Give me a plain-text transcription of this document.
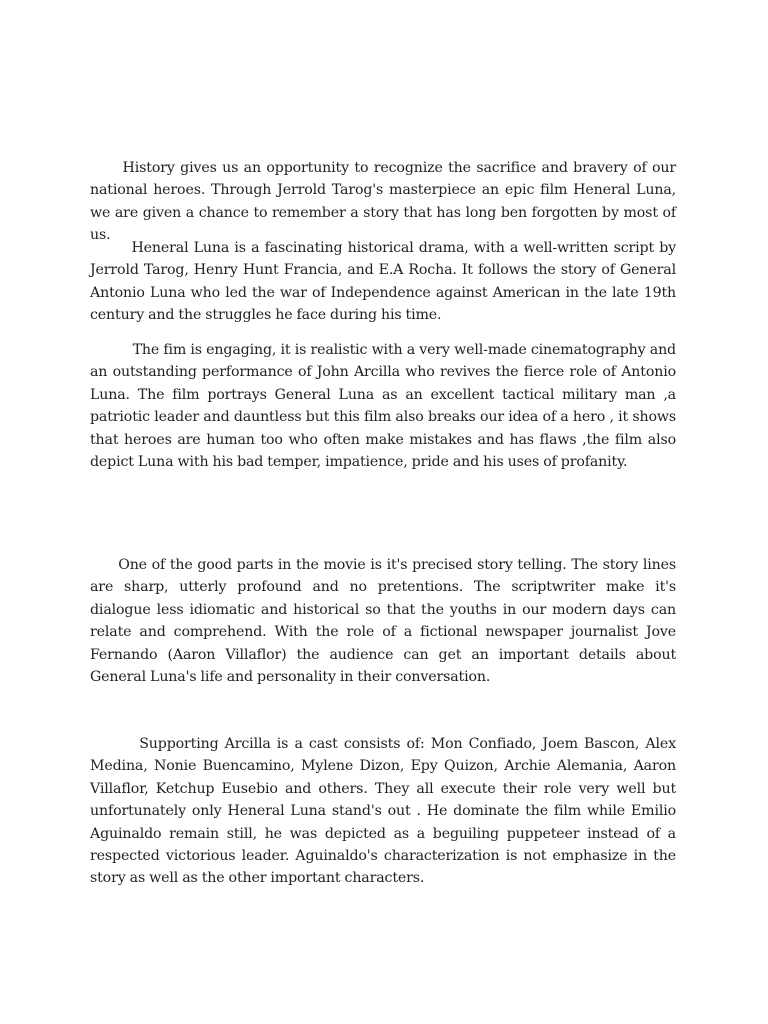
History gives us an opportunity to recognize the sacrifice and bravery of our national heroes. Through Jerrold Tarog's masterpiece an epic film Heneral Luna, we are given a chance to remember a story that has long ben forgotten by most of us.

Heneral Luna is a fascinating historical drama, with a well-written script by Jerrold Tarog, Henry Hunt Francia, and E.A Rocha. It follows the story of General Antonio Luna who led the war of Independence against American in the late 19th century and the struggles he face during his time.

The fim is engaging, it is realistic with a very well-made cinematography and an outstanding performance of John Arcilla who revives the fierce role of Antonio Luna. The film portrays General Luna as an excellent tactical military man ,a patriotic leader and dauntless but this film also breaks our idea of a hero , it shows that heroes are human too who often make mistakes and has flaws ,the film also depict Luna with his bad temper, impatience, pride and his uses of profanity.

One of the good parts in the movie is it's precised story telling. The story lines are sharp, utterly profound and no pretentions. The scriptwriter make it's  dialogue less idiomatic and historical so that the youths in our modern days can relate and comprehend. With the role of a fictional newspaper journalist Jove Fernando (Aaron Villaflor) the audience can get an important details about General Luna's life and personality in their conversation.

Supporting Arcilla is a cast consists of: Mon Confiado, Joem Bascon, Alex Medina, Nonie Buencamino, Mylene Dizon, Epy Quizon, Archie Alemania, Aaron Villaflor, Ketchup Eusebio and others. They all execute their role very well but unfortunately only Heneral Luna stand's out . He dominate the film while Emilio Aguinaldo remain still, he was depicted as a beguiling puppeteer instead of a respected victorious leader. Aguinaldo's characterization is not emphasize in the story as well as the other important characters.
